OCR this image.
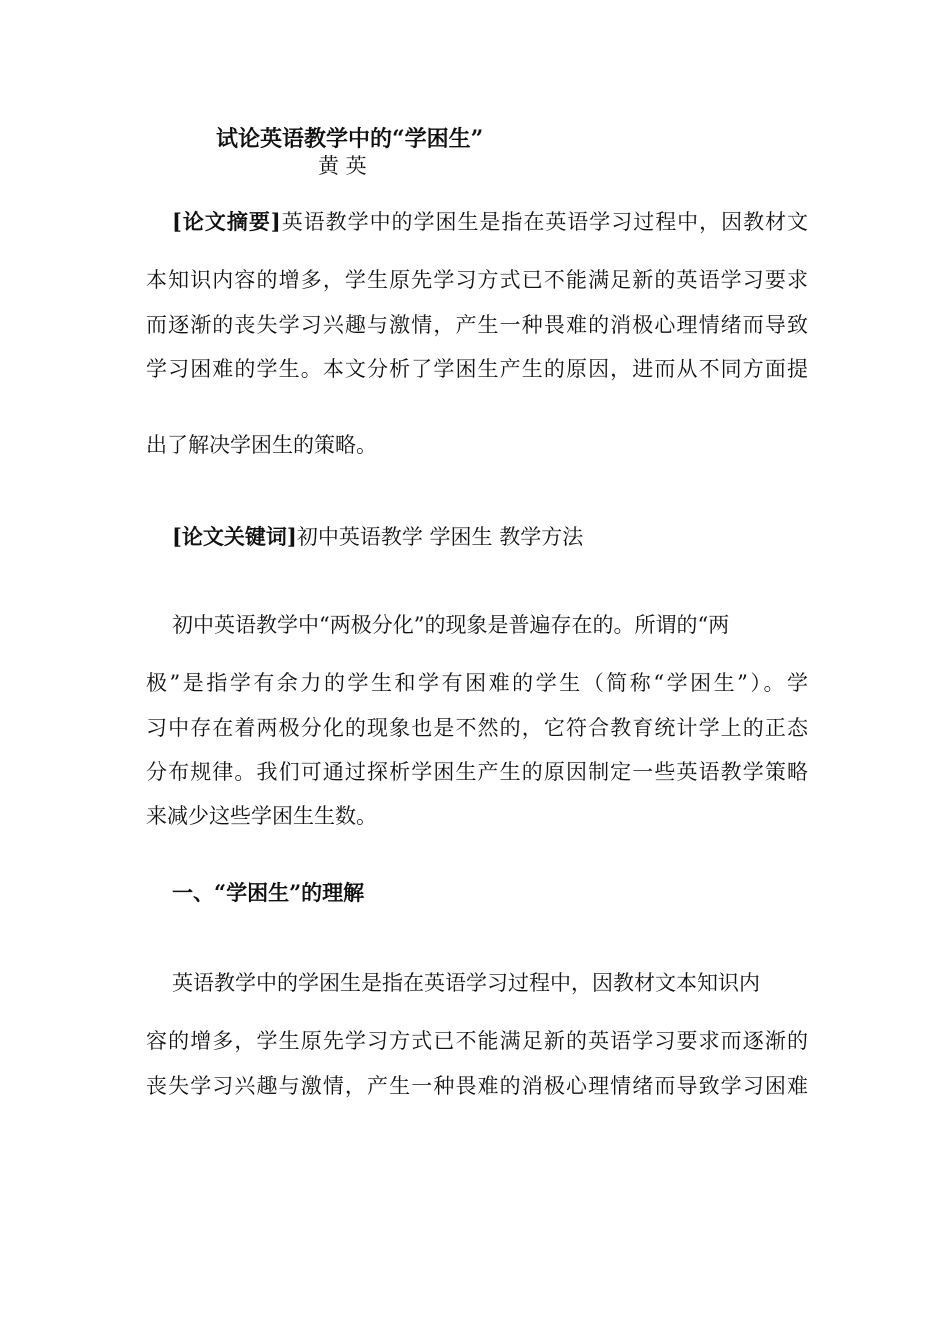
试论英语教学中的“学困生”
黄 英
[论文摘要]英语教学中的学困生是指在英语学习过程中，因教材文
本知识内容的增多，学生原先学习方式已不能满足新的英语学习要求
而逐渐的丧失学习兴趣与激情，产生一种畏难的消极心理情绪而导致
学习困难的学生。本文分析了学困生产生的原因，进而从不同方面提
出了解决学困生的策略。
[论文关键词]初中英语教学 学困生 教学方法
初中英语教学中“两极分化”的现象是普遍存在的。所谓的“两
极”是指学有余力的学生和学有困难的学生（简称“学困生”）。学
习中存在着两极分化的现象也是不然的，它符合教育统计学上的正态
分布规律。我们可通过探析学困生产生的原因制定一些英语教学策略
来减少这些学困生生数。
一、“学困生”的理解
英语教学中的学困生是指在英语学习过程中，因教材文本知识内
容的增多，学生原先学习方式已不能满足新的英语学习要求而逐渐的
丧失学习兴趣与激情，产生一种畏难的消极心理情绪而导致学习困难
